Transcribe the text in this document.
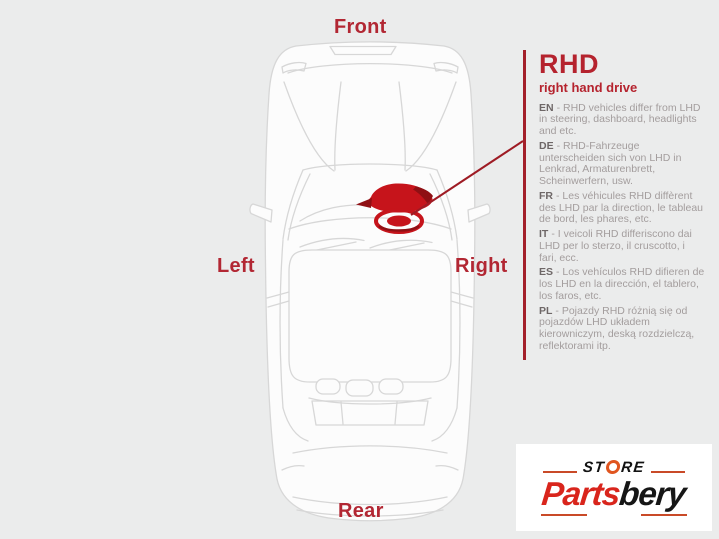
Front
Left	Right
Rear
RHD
right hand drive

EN - RHD vehicles differ from LHD in steering, dashboard, headlights and etc.

DE - RHD-Fahrzeuge unterscheiden sich von LHD in Lenkrad, Armaturenbrett, Scheinwerfern, usw.

FR - Les véhicules RHD diffèrent des LHD par la direction, le tableau de bord, les phares, etc.

IT - I veicoli RHD differiscono dai LHD per lo sterzo, il cruscotto, i fari, ecc.

ES - Los vehículos RHD difieren de los LHD en la dirección, el tablero, los faros, etc.

PL - Pojazdy RHD różnią się od pojazdów LHD układem kierowniczym, deską rozdzielczą, reflektorami itp.

ST RE
Partsbery
